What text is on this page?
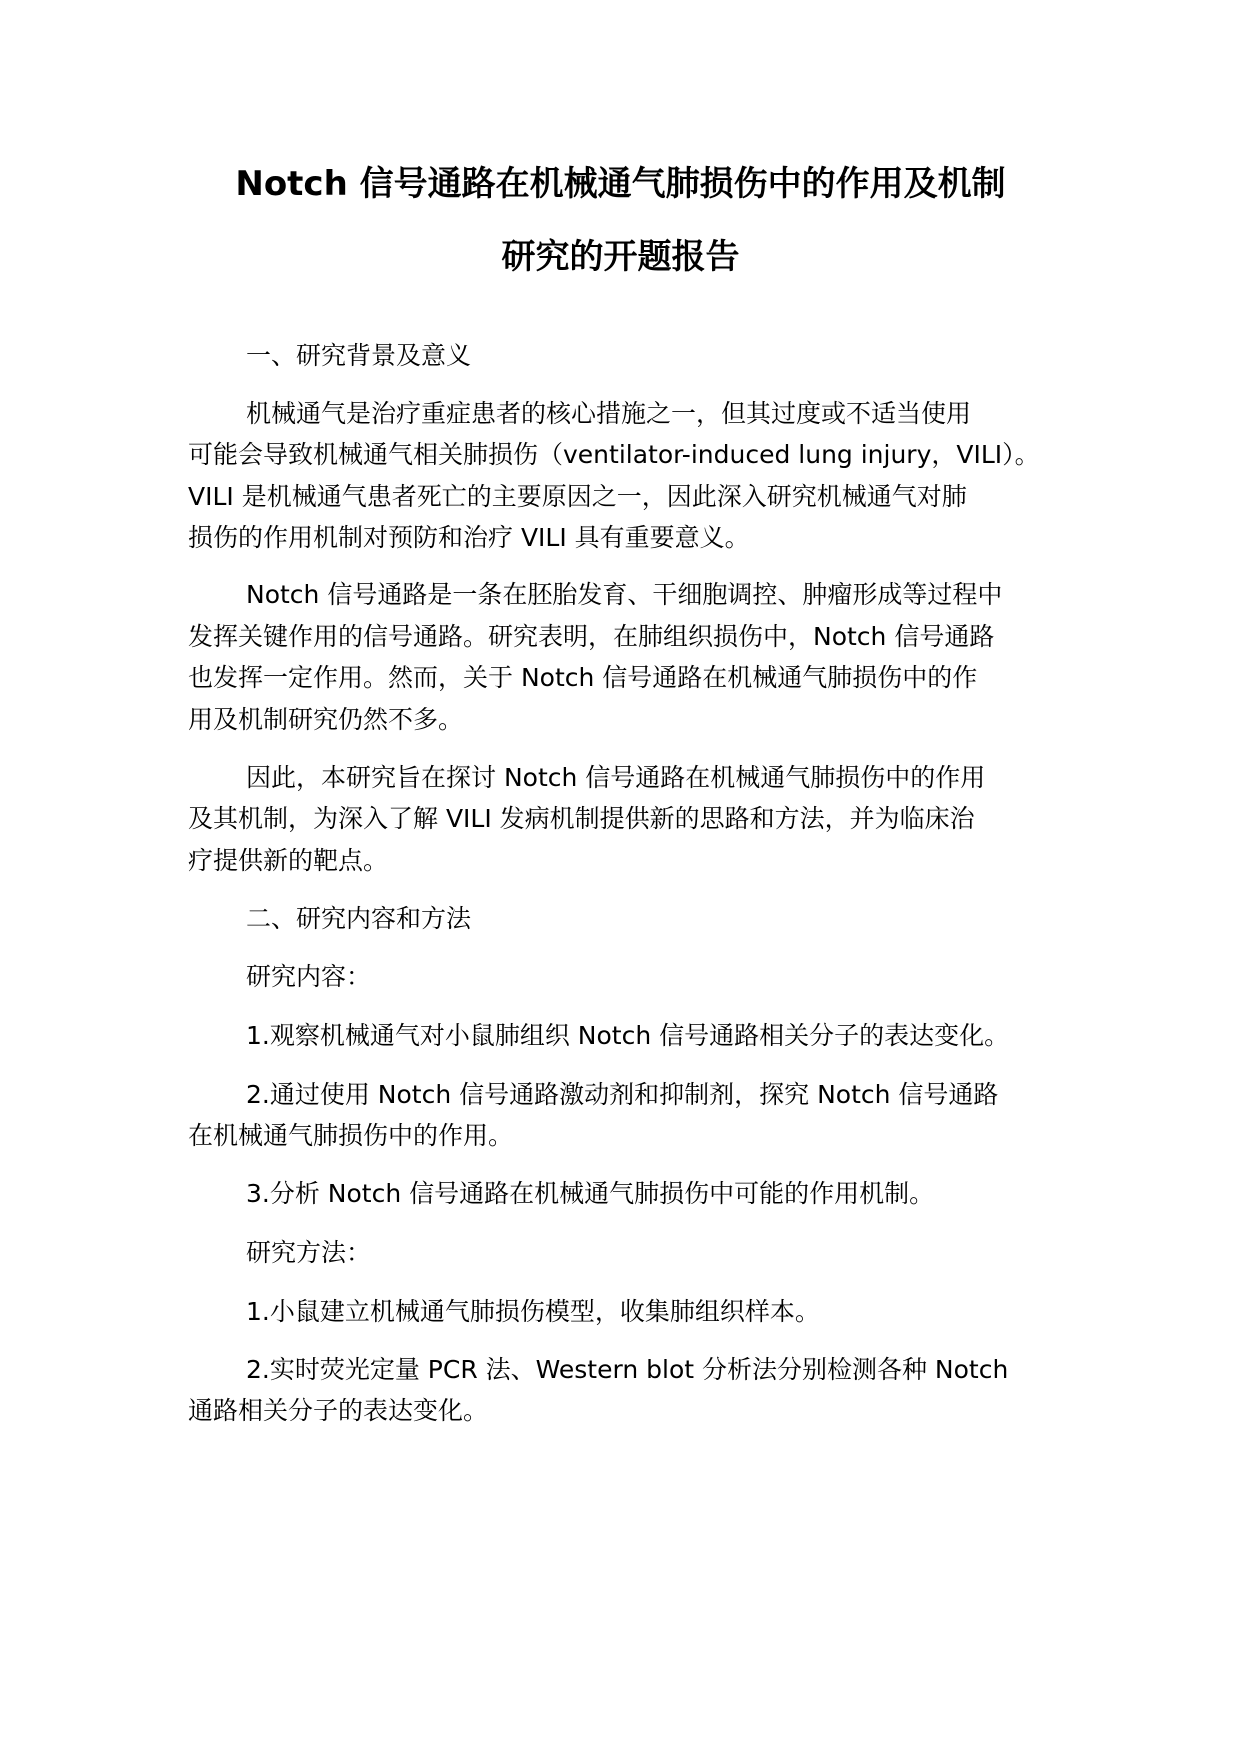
Notch 信号通路在机械通气肺损伤中的作用及机制
研究的开题报告

一、研究背景及意义

机械通气是治疗重症患者的核心措施之一，但其过度或不适当使用

可能会导致机械通气相关肺损伤（ventilator-induced lung injury，VILI）。

VILI 是机械通气患者死亡的主要原因之一，因此深入研究机械通气对肺

损伤的作用机制对预防和治疗 VILI 具有重要意义。

Notch 信号通路是一条在胚胎发育、干细胞调控、肿瘤形成等过程中

发挥关键作用的信号通路。研究表明，在肺组织损伤中，Notch 信号通路

也发挥一定作用。然而，关于 Notch 信号通路在机械通气肺损伤中的作

用及机制研究仍然不多。

因此，本研究旨在探讨 Notch 信号通路在机械通气肺损伤中的作用

及其机制，为深入了解 VILI 发病机制提供新的思路和方法，并为临床治

疗提供新的靶点。

二、研究内容和方法

研究内容：

1.观察机械通气对小鼠肺组织 Notch 信号通路相关分子的表达变化。

2.通过使用 Notch 信号通路激动剂和抑制剂，探究 Notch 信号通路

在机械通气肺损伤中的作用。

3.分析 Notch 信号通路在机械通气肺损伤中可能的作用机制。

研究方法：

1.小鼠建立机械通气肺损伤模型，收集肺组织样本。

2.实时荧光定量 PCR 法、Western blot 分析法分别检测各种 Notch

通路相关分子的表达变化。
